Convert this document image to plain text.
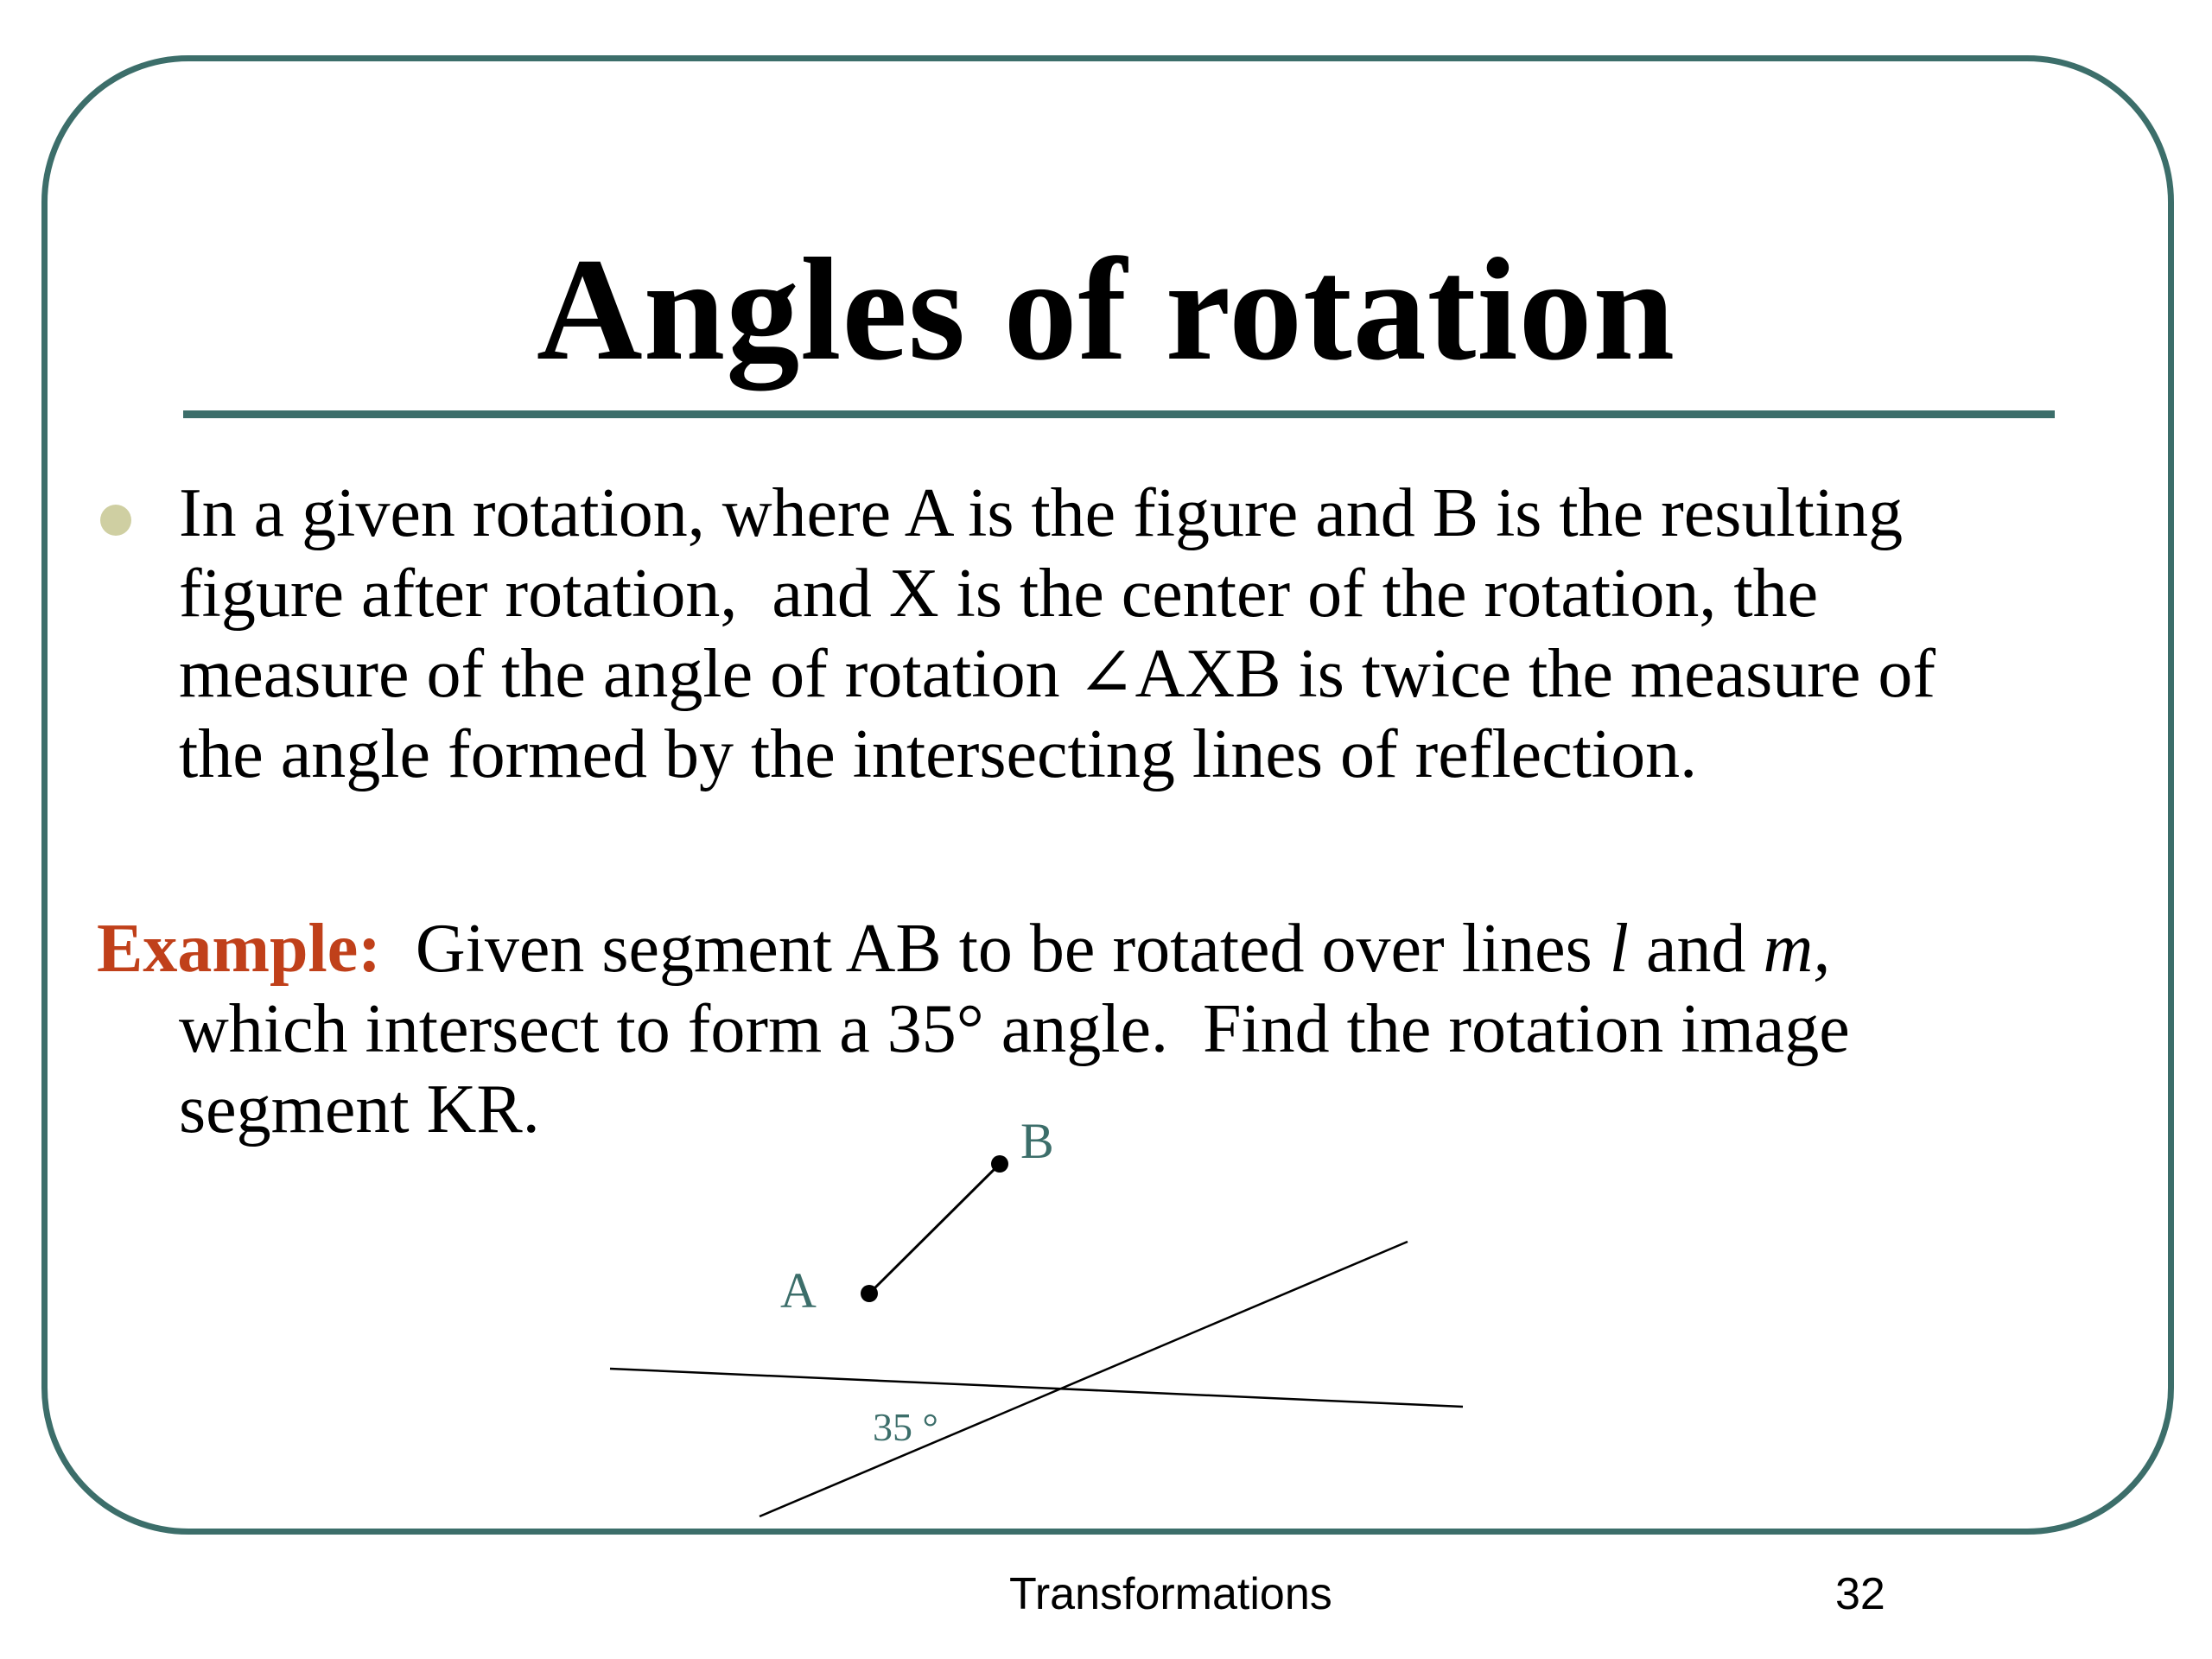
Angles of rotation
In a given rotation, where A is the figure and B is the resulting
figure after rotation,  and X is the center of the rotation, the
measure of the angle of rotation ∠AXB is twice the measure of
the angle formed by the intersecting lines of reflection.
Example:  Given segment AB to be rotated over lines l and m,
which intersect to form a 35° angle.  Find the rotation image
segment KR.
A
B
35 °
Transformations	32
